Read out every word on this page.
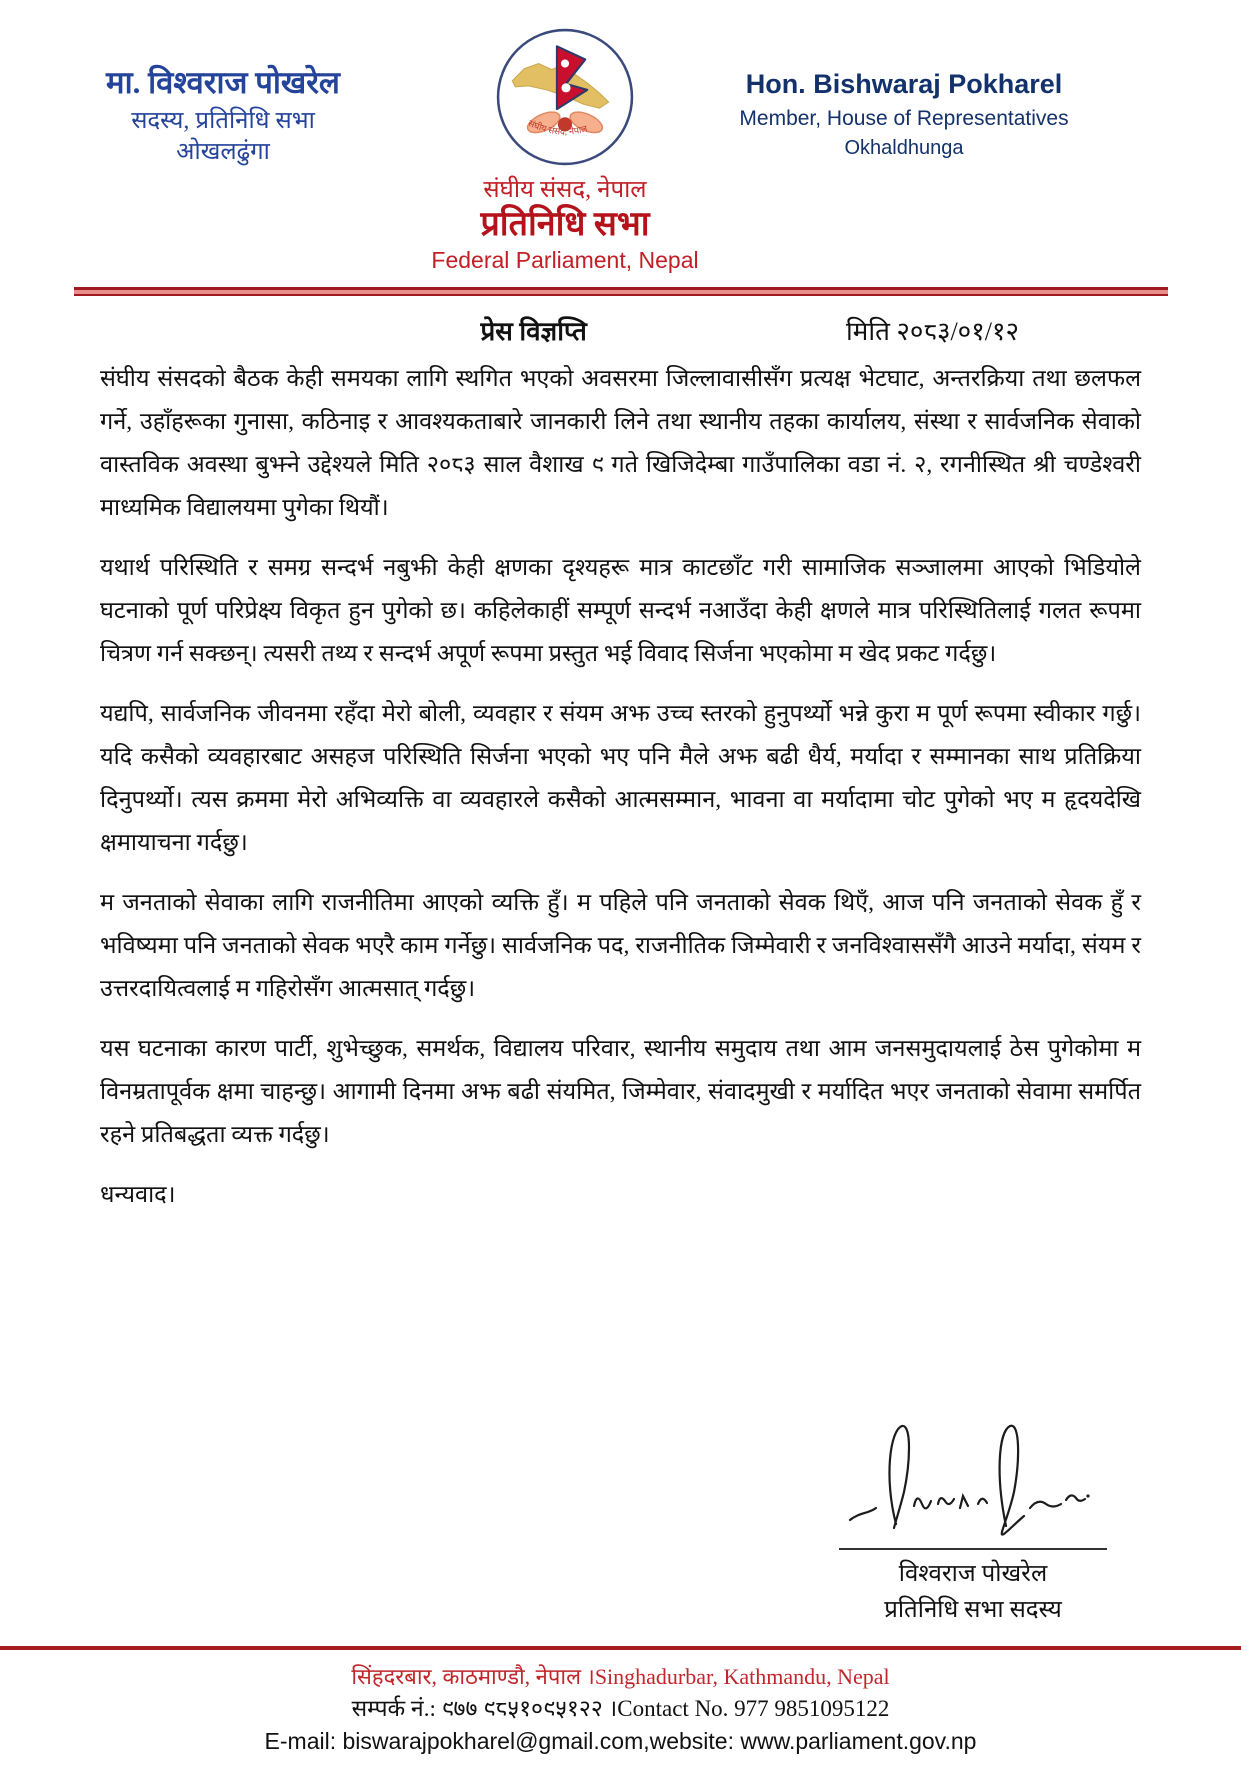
मा. विश्वराज पोखरेल
सदस्य, प्रतिनिधि सभा
ओखलढुंगा
संघीय संसद, नेपाल
संघीय संसद, नेपाल
प्रतिनिधि सभा
Federal Parliament, Nepal
Hon. Bishwaraj Pokharel
Member, House of Representatives
Okhaldhunga
प्रेस विज्ञप्ति	मिति २०८३/०१/१२

संघीय संसदको बैठक केही समयका लागि स्थगित भएको अवसरमा जिल्लावासीसँग प्रत्यक्ष भेटघाट, अन्तरक्रिया तथा छलफल गर्ने, उहाँहरूका गुनासा, कठिनाइ र आवश्यकताबारे जानकारी लिने तथा स्थानीय तहका कार्यालय, संस्था र सार्वजनिक सेवाको वास्तविक अवस्था बुझ्ने उद्देश्यले मिति २०८३ साल वैशाख ९ गते खिजिदेम्बा गाउँपालिका वडा नं. २, रगनीस्थित श्री चण्डेश्वरी माध्यमिक विद्यालयमा पुगेका थियौं।

यथार्थ परिस्थिति र समग्र सन्दर्भ नबुझी केही क्षणका दृश्यहरू मात्र काटछाँट गरी सामाजिक सञ्जालमा आएको भिडियोले घटनाको पूर्ण परिप्रेक्ष्य विकृत हुन पुगेको छ। कहिलेकाहीं सम्पूर्ण सन्दर्भ नआउँदा केही क्षणले मात्र परिस्थितिलाई गलत रूपमा चित्रण गर्न सक्छन्। त्यसरी तथ्य र सन्दर्भ अपूर्ण रूपमा प्रस्तुत भई विवाद सिर्जना भएकोमा म खेद प्रकट गर्दछु।

यद्यपि, सार्वजनिक जीवनमा रहँदा मेरो बोली, व्यवहार र संयम अझ उच्च स्तरको हुनुपर्थ्यो भन्ने कुरा म पूर्ण रूपमा स्वीकार गर्छु। यदि कसैको व्यवहारबाट असहज परिस्थिति सिर्जना भएको भए पनि मैले अझ बढी धैर्य, मर्यादा र सम्मानका साथ प्रतिक्रिया दिनुपर्थ्यो। त्यस क्रममा मेरो अभिव्यक्ति वा व्यवहारले कसैको आत्मसम्मान, भावना वा मर्यादामा चोट पुगेको भए म हृदयदेखि क्षमायाचना गर्दछु।

म जनताको सेवाका लागि राजनीतिमा आएको व्यक्ति हुँ। म पहिले पनि जनताको सेवक थिएँ, आज पनि जनताको सेवक हुँ र भविष्यमा पनि जनताको सेवक भएरै काम गर्नेछु। सार्वजनिक पद, राजनीतिक जिम्मेवारी र जनविश्वाससँगै आउने मर्यादा, संयम र उत्तरदायित्वलाई म गहिरोसँग आत्मसात् गर्दछु।

यस घटनाका कारण पार्टी, शुभेच्छुक, समर्थक, विद्यालय परिवार, स्थानीय समुदाय तथा आम जनसमुदायलाई ठेस पुगेकोमा म विनम्रतापूर्वक क्षमा चाहन्छु। आगामी दिनमा अझ बढी संयमित, जिम्मेवार, संवादमुखी र मर्यादित भएर जनताको सेवामा समर्पित रहने प्रतिबद्धता व्यक्त गर्दछु।

धन्यवाद।

विश्वराज पोखरेल
प्रतिनिधि सभा सदस्य
सिंहदरबार, काठमाण्डौ, नेपाल ।Singhadurbar, Kathmandu, Nepal
सम्पर्क नं.: ९७७ ९८५१०९५१२२ ।Contact No. 977 9851095122
E-mail: biswarajpokharel@gmail.com,website: www.parliament.gov.np
